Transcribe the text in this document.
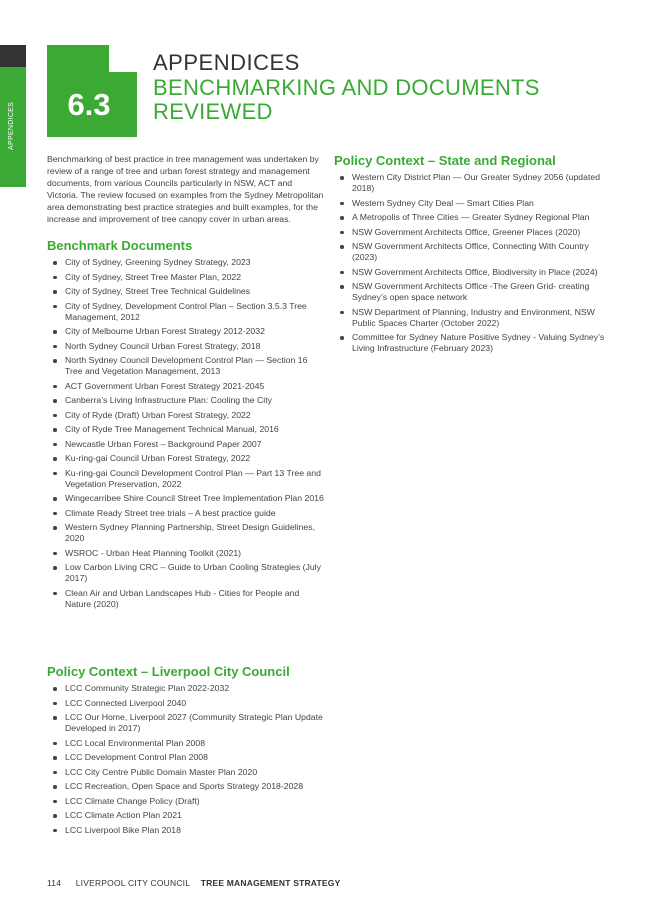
APPENDICES	6.3
APPENDICES
BENCHMARKING AND DOCUMENTS REVIEWED

Benchmarking of best practice in tree management was undertaken by review of a range of tree and urban forest strategy and management documents, from various Councils particularly in NSW, ACT and Victoria. The review focused on examples from the Sydney Metropolitan area demonstrating best practice strategies and built examples, for the increase and improvement of tree canopy cover in urban areas.

Benchmark Documents
City of Sydney, Greening Sydney Strategy, 2023
City of Sydney, Street Tree Master Plan, 2022
City of Sydney, Street Tree Technical Guidelines
City of Sydney, Development Control Plan – Section 3.5.3 Tree Management, 2012
City of Melbourne Urban Forest Strategy 2012-2032
North Sydney Council Urban Forest Strategy, 2018
North Sydney Council Development Control Plan — Section 16 Tree and Vegetation Management, 2013
ACT Government Urban Forest Strategy 2021-2045
Canberra’s Living Infrastructure Plan: Cooling the City
City of Ryde (Draft) Urban Forest Strategy, 2022
City of Ryde Tree Management Technical Manual, 2016
Newcastle Urban Forest – Background Paper 2007
Ku-ring-gai Council Urban Forest Strategy, 2022
Ku-ring-gai Council Development Control Plan — Part 13 Tree and Vegetation Preservation, 2022
Wingecarribee Shire Council Street Tree Implementation Plan 2016
Climate Ready Street tree trials – A best practice guide
Western Sydney Planning Partnership, Street Design Guidelines, 2020
WSROC - Urban Heat Planning Toolkit (2021)
Low Carbon Living CRC – Guide to Urban Cooling Strategies (July 2017)
Clean Air and Urban Landscapes Hub - Cities for People and Nature (2020)
Policy Context – Liverpool City Council
LCC Community Strategic Plan 2022-2032
LCC Connected Liverpool 2040
LCC Our Home, Liverpool 2027 (Community Strategic Plan Update Developed in 2017)
LCC Local Environmental Plan 2008
LCC Development Control Plan 2008
LCC City Centre Public Domain Master Plan 2020
LCC Recreation, Open Space and Sports Strategy 2018-2028
LCC Climate Change Policy (Draft)
LCC Climate Action Plan 2021
LCC Liverpool Bike Plan 2018
Policy Context – State and Regional
Western City District Plan — Our Greater Sydney 2056 (updated 2018)
Western Sydney City Deal — Smart Cities Plan
A Metropolis of Three Cities — Greater Sydney Regional Plan
NSW Government Architects Office, Greener Places (2020)
NSW Government Architects Office, Connecting With Country (2023)
NSW Government Architects Office, Biodiversity in Place (2024)
NSW Government Architects Office -The Green Grid- creating Sydney’s open space network
NSW Department of Planning, Industry and Environment, NSW Public Spaces Charter (October 2022)
Committee for Sydney Nature Positive Sydney - Valuing Sydney’s Living Infrastructure (February 2023)
114 LIVERPOOL CITY COUNCIL TREE MANAGEMENT STRATEGY
